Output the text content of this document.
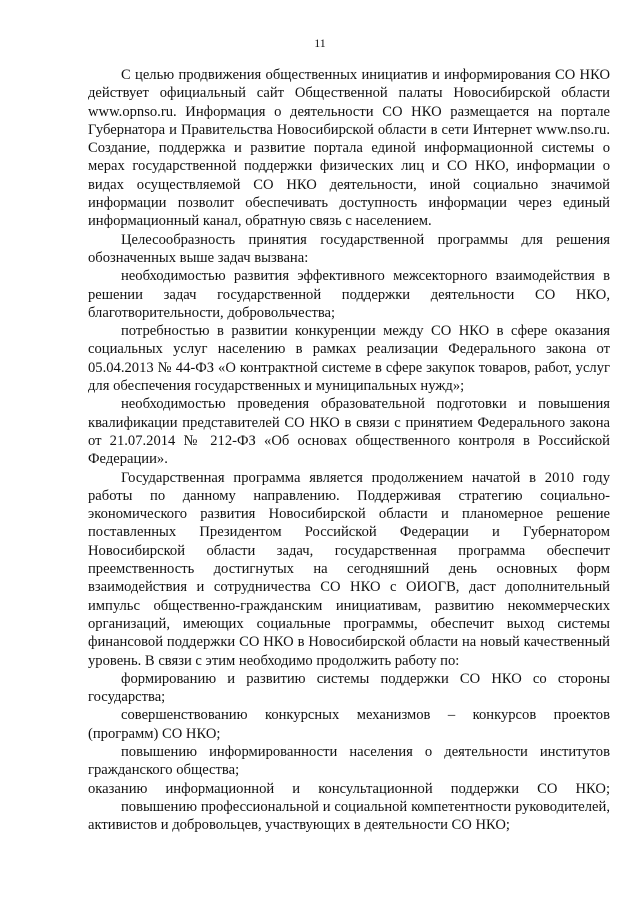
11

С целью продвижения общественных инициатив и информирования СО НКО действует официальный сайт Общественной палаты Новосибирской области www.opnso.ru. Информация о деятельности СО НКО размещается на портале Губернатора и Правительства Новосибирской области в сети Интернет www.nso.ru. Создание, поддержка и развитие портала единой информационной системы о мерах государственной поддержки физических лиц и СО НКО, информации о видах осуществляемой СО НКО деятельности, иной социально значимой информации позволит обеспечивать доступность информации через единый информационный канал, обратную связь с населением.

Целесообразность принятия государственной программы для решения обозначенных выше задач вызвана:

необходимостью развития эффективного межсекторного взаимодействия в решении задач государственной поддержки деятельности СО НКО, благотворительности, добровольчества;

потребностью в развитии конкуренции между СО НКО в сфере оказания социальных услуг населению в рамках реализации Федерального закона от 05.04.2013 № 44-ФЗ «О контрактной системе в сфере закупок товаров, работ, услуг для обеспечения государственных и муниципальных нужд»;

необходимостью проведения образовательной подготовки и повышения квалификации представителей СО НКО в связи с принятием Федерального закона от 21.07.2014 № 212-ФЗ «Об основах общественного контроля в Российской Федерации».

Государственная программа является продолжением начатой в 2010 году работы по данному направлению. Поддерживая стратегию социально-экономического развития Новосибирской области и планомерное решение поставленных Президентом Российской Федерации и Губернатором Новосибирской области задач, государственная программа обеспечит преемственность достигнутых на сегодняшний день основных форм взаимодействия и сотрудничества СО НКО с ОИОГВ, даст дополнительный импульс общественно-гражданским инициативам, развитию некоммерческих организаций, имеющих социальные программы, обеспечит выход системы финансовой поддержки СО НКО в Новосибирской области на новый качественный уровень. В связи с этим необходимо продолжить работу по:

формированию и развитию системы поддержки СО НКО со стороны государства;

совершенствованию конкурсных механизмов – конкурсов проектов (программ) СО НКО;

повышению информированности населения о деятельности институтов гражданского общества;

оказанию информационной и консультационной поддержки СО НКО;

повышению профессиональной и социальной компетентности руководителей, активистов и добровольцев, участвующих в деятельности СО НКО;
